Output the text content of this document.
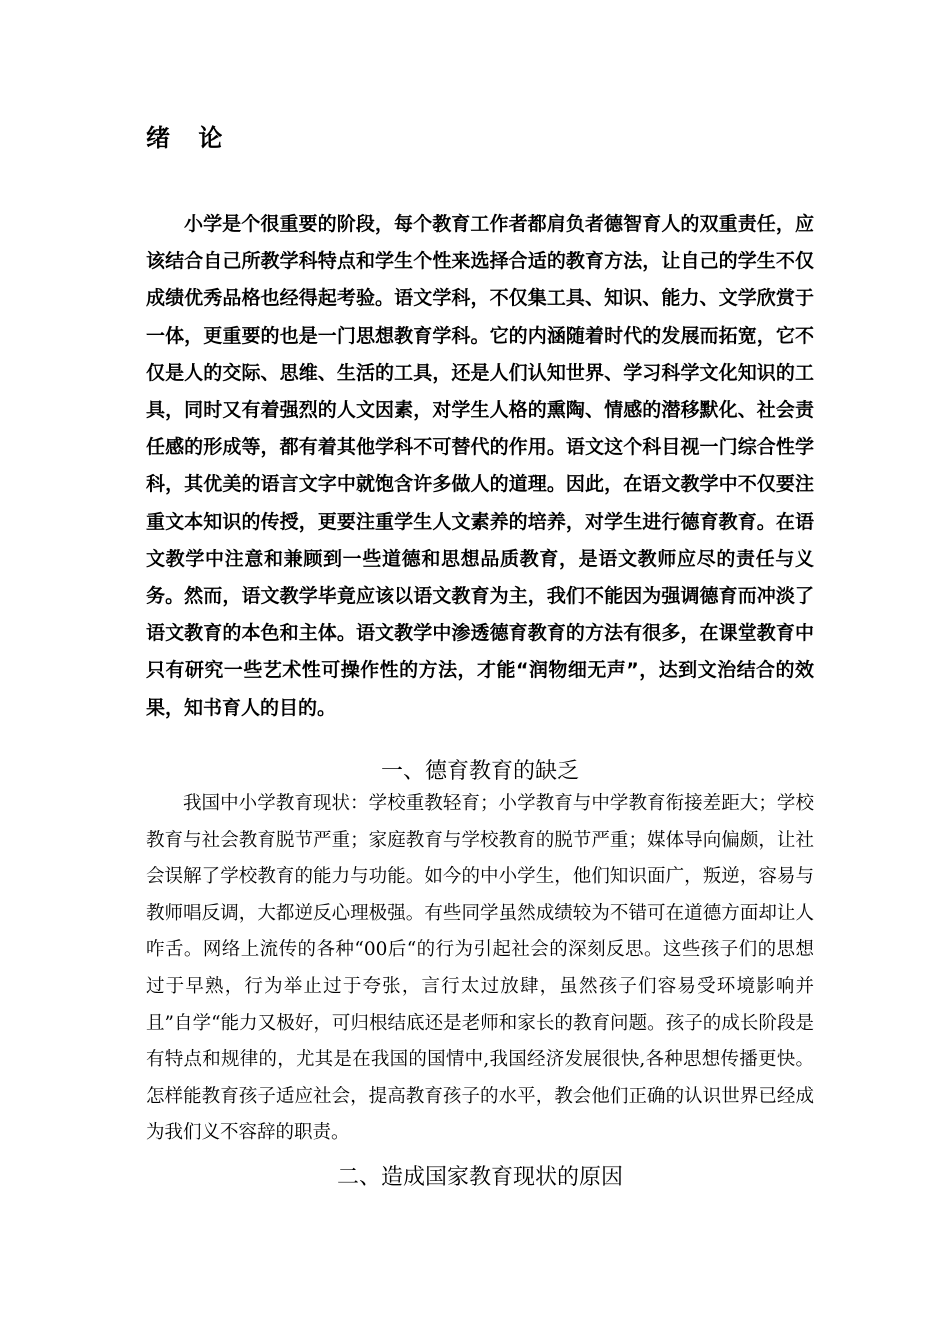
绪 论

小学是个很重要的阶段，每个教育工作者都肩负者德智育人的双重责任，应该结合自己所教学科特点和学生个性来选择合适的教育方法，让自己的学生不仅成绩优秀品格也经得起考验。语文学科，不仅集工具、知识、能力、文学欣赏于一体，更重要的也是一门思想教育学科。它的内涵随着时代的发展而拓宽，它不仅是人的交际、思维、生活的工具，还是人们认知世界、学习科学文化知识的工具，同时又有着强烈的人文因素，对学生人格的熏陶、情感的潜移默化、社会责任感的形成等，都有着其他学科不可替代的作用。语文这个科目视一门综合性学科，其优美的语言文字中就饱含许多做人的道理。因此，在语文教学中不仅要注重文本知识的传授，更要注重学生人文素养的培养，对学生进行德育教育。在语文教学中注意和兼顾到一些道德和思想品质教育，是语文教师应尽的责任与义务。然而，语文教学毕竟应该以语文教育为主，我们不能因为强调德育而冲淡了语文教育的本色和主体。语文教学中渗透德育教育的方法有很多，在课堂教育中只有研究一些艺术性可操作性的方法，才能“润物细无声”，达到文治结合的效果，知书育人的目的。

一、德育教育的缺乏

我国中小学教育现状：学校重教轻育；小学教育与中学教育衔接差距大；学校教育与社会教育脱节严重；家庭教育与学校教育的脱节严重；媒体导向偏颇，让社会误解了学校教育的能力与功能。如今的中小学生，他们知识面广，叛逆，容易与教师唱反调，大都逆反心理极强。有些同学虽然成绩较为不错可在道德方面却让人咋舌。网络上流传的各种“00后“的行为引起社会的深刻反思。这些孩子们的思想过于早熟，行为举止过于夸张，言行太过放肆，虽然孩子们容易受环境影响并且”自学“能力又极好，可归根结底还是老师和家长的教育问题。孩子的成长阶段是有特点和规律的，尤其是在我国的国情中,我国经济发展很快,各种思想传播更快。怎样能教育孩子适应社会，提高教育孩子的水平，教会他们正确的认识世界已经成为我们义不容辞的职责。

二、造成国家教育现状的原因
